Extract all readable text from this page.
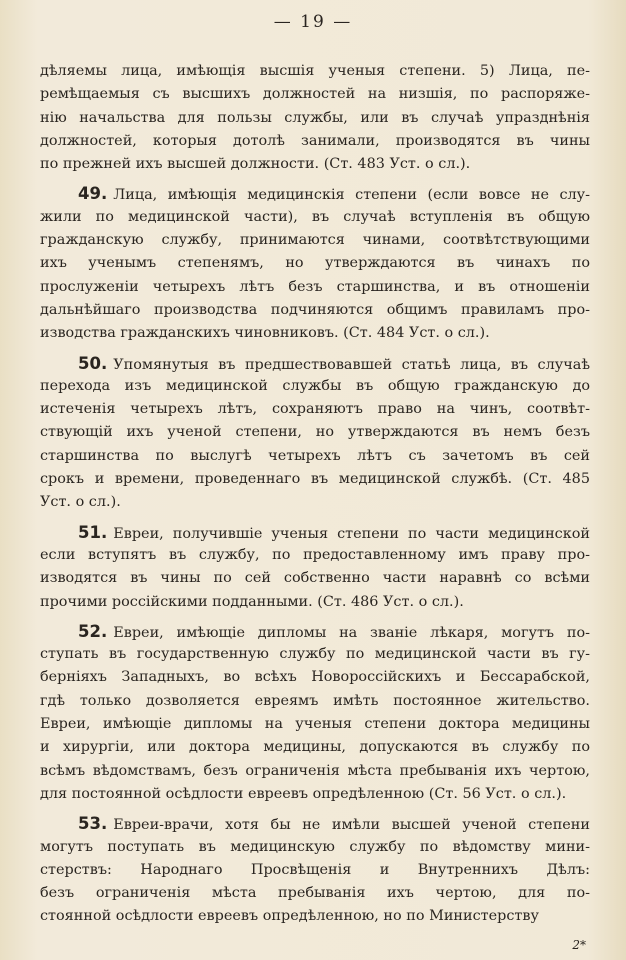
— 19 —
дѣляемы лица, имѣющія высшія ученыя степени. 5) Лица, пе-
ремѣщаемыя съ высшихъ должностей на низшія, по распоряже-
нію начальства для пользы службы, или въ случаѣ упразднѣнія
должностей, которыя дотолѣ занимали, производятся въ чины
по прежней ихъ высшей должности. (Ст. 483 Уст. о сл.).
49. Лица, имѣющія медицинскія степени (если вовсе не слу-
жили по медицинской части), въ случаѣ вступленія въ общую
гражданскую службу, принимаются чинами, соотвѣтствующими
ихъ ученымъ степенямъ, но утверждаются въ чинахъ по
прослуженіи четырехъ лѣтъ безъ старшинства, и въ отношеніи
дальнѣйшаго производства подчиняются общимъ правиламъ про-
изводства гражданскихъ чиновниковъ. (Ст. 484 Уст. о сл.).
50. Упомянутыя въ предшествовавшей статьѣ лица, въ случаѣ
перехода изъ медицинской службы въ общую гражданскую до
истеченія четырехъ лѣтъ, сохраняютъ право на чинъ, соотвѣт-
ствующій ихъ ученой степени, но утверждаются въ немъ безъ
старшинства по выслугѣ четырехъ лѣтъ съ зачетомъ въ сей
срокъ и времени, проведеннаго въ медицинской службѣ. (Ст. 485
Уст. о сл.).
51. Евреи, получившіе ученыя степени по части медицинской
если вступятъ въ службу, по предоставленному имъ праву про-
изводятся въ чины по сей собственно части наравнѣ со всѣми
прочими россійскими подданными. (Ст. 486 Уст. о сл.).
52. Евреи, имѣющіе дипломы на званіе лѣкаря, могутъ по-
ступать въ государственную службу по медицинской части въ гу-
берніяхъ Западныхъ, во всѣхъ Новороссійскихъ и Бессарабской,
гдѣ только дозволяется евреямъ имѣть постоянное жительство.
Евреи, имѣющіе дипломы на ученыя степени доктора медицины
и хирургіи, или доктора медицины, допускаются въ службу по
всѣмъ вѣдомствамъ, безъ ограниченія мѣста пребыванія ихъ чертою,
для постоянной осѣдлости евреевъ опредѣленною (Ст. 56 Уст. о сл.).
53. Евреи-врачи, хотя бы не имѣли высшей ученой степени
могутъ поступать въ медицинскую службу по вѣдомству мини-
стерствъ: Народнаго Просвѣщенія и Внутреннихъ Дѣлъ:
безъ ограниченія мѣста пребыванія ихъ чертою, для по-
стоянной осѣдлости евреевъ опредѣленною, но по Министерству
2*
